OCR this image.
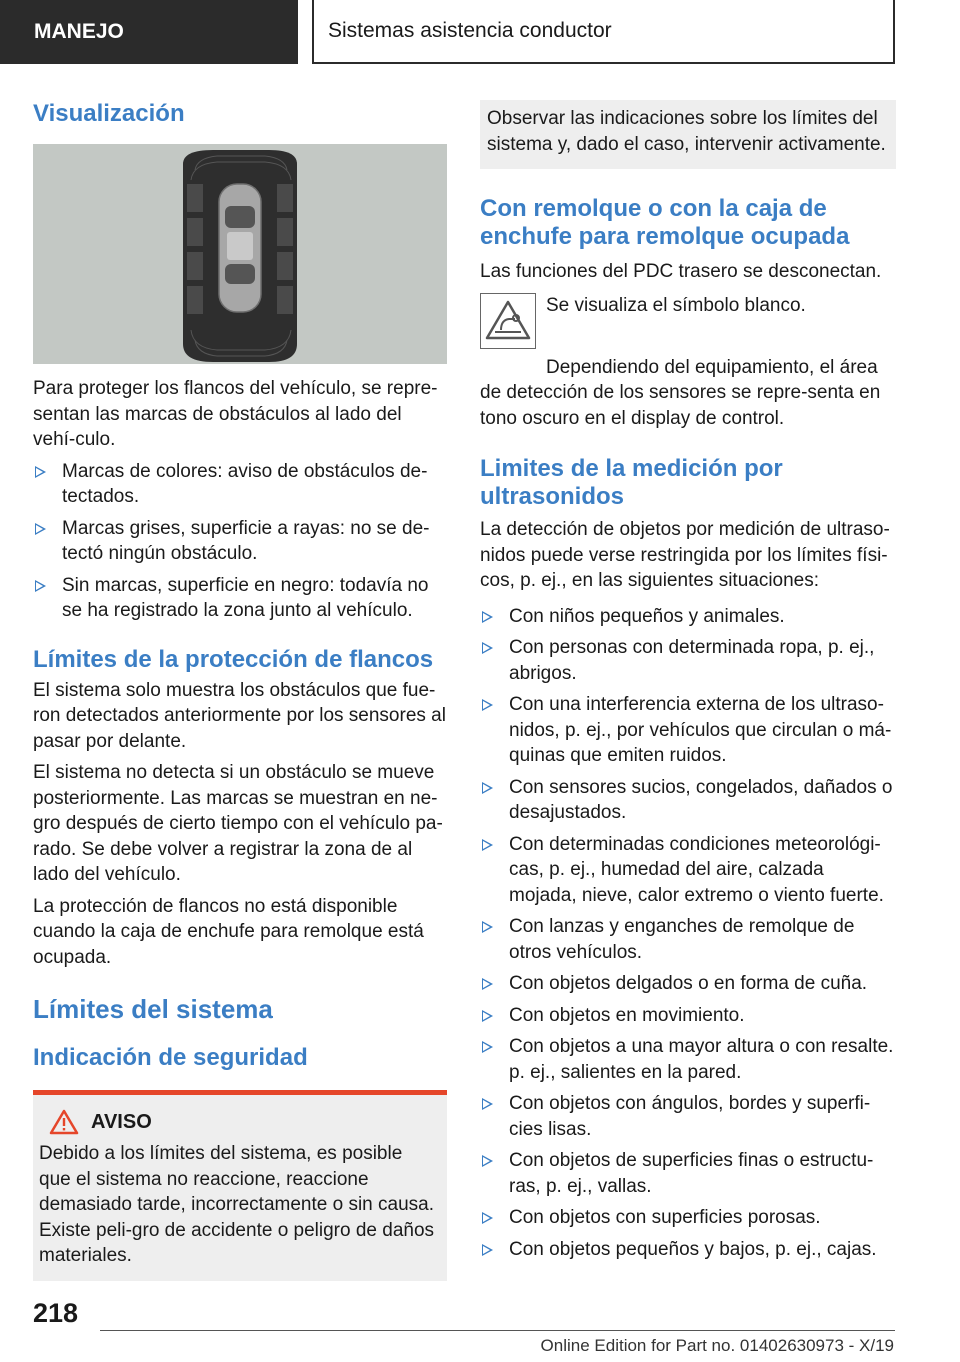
MANEJO	Sistemas asistencia conductor
Visualización

Para proteger los flancos del vehículo, se repre-sentan las marcas de obstáculos al lado del vehí-culo.

Marcas de colores: aviso de obstáculos de-tectados.
Marcas grises, superficie a rayas: no se de-tectó ningún obstáculo.
Sin marcas, superficie en negro: todavía no se ha registrado la zona junto al vehículo.
Límites de la protección de flancos

El sistema solo muestra los obstáculos que fue-ron detectados anteriormente por los sensores al pasar por delante.

El sistema no detecta si un obstáculo se mueve posteriormente. Las marcas se muestran en ne-gro después de cierto tiempo con el vehículo pa-rado. Se debe volver a registrar la zona de al lado del vehículo.

La protección de flancos no está disponible cuando la caja de enchufe para remolque está ocupada.

Límites del sistema
Indicación de seguridad
AVISO

Debido a los límites del sistema, es posible que el sistema no reaccione, reaccione demasiado tarde, incorrectamente o sin causa. Existe peli-gro de accidente o peligro de daños materiales.

Observar las indicaciones sobre los límites del sistema y, dado el caso, intervenir activamente.

Con remolque o con la caja de enchufe para remolque ocupada

Las funciones del PDC trasero se desconectan.

Se visualiza el símbolo blanco.

Dependiendo del equipamiento, el área de detección de los sensores se repre-senta en tono oscuro en el display de control.

Limites de la medición por ultrasonidos

La detección de objetos por medición de ultraso-nidos puede verse restringida por los límites físi-cos, p. ej., en las siguientes situaciones:

Con niños pequeños y animales.
Con personas con determinada ropa, p. ej., abrigos.
Con una interferencia externa de los ultraso-nidos, p. ej., por vehículos que circulan o má-quinas que emiten ruidos.
Con sensores sucios, congelados, dañados o desajustados.
Con determinadas condiciones meteorológi-cas, p. ej., humedad del aire, calzada mojada, nieve, calor extremo o viento fuerte.
Con lanzas y enganches de remolque de otros vehículos.
Con objetos delgados o en forma de cuña.
Con objetos en movimiento.
Con objetos a una mayor altura o con resalte. p. ej., salientes en la pared.
Con objetos con ángulos, bordes y superfi-cies lisas.
Con objetos de superficies finas o estructu-ras, p. ej., vallas.
Con objetos con superficies porosas.
Con objetos pequeños y bajos, p. ej., cajas.
218
Online Edition for Part no. 01402630973 - X/19
